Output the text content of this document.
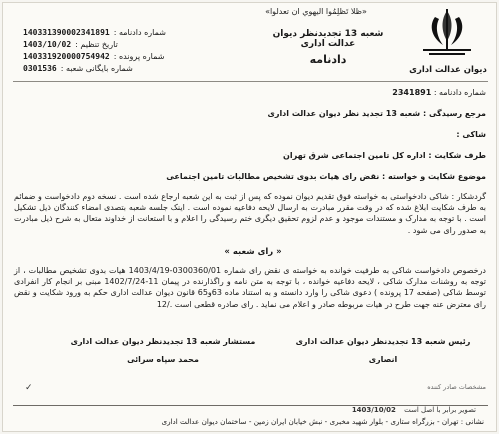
«ظلا تَظلِمُوا اليهوي ان تعدلوا»
شماره دادنامه :
140331390002341891
تاریخ تنظیم :
1403/10/02
شماره پرونده :
140331920000754942
شماره بایگانی شعبه :
0301536
شعبه 13 تجدیدنظر دیوان عدالت اداری
دادنامه
دیوان عدالت اداری
شماره دادنامه : 2341891
مرجع رسیدگی : شعبه 13 تجدید نظر دیوان عدالت اداری
شاکی :
طرف شکایت : اداره کل تامین اجتماعی شرق تهران
موضوع شکایت و خواسته : نقض رای هیات بدوی تشخیص مطالبات تامین اجتماعی
گردشکار : شاکی دادخواستی به خواسته فوق تقدیم دیوان نموده که پس از ثبت به این شعبه ارجاع شده است . نسخه دوم دادخواست و ضمائم به طرف شکایت ابلاغ شده که در وقت مقرر مبادرت به ارسال لایحه دفاعیه نموده است . اینک جلسه شعبه بتصدی امضاء کنندگان ذیل تشکیل است . با توجه به مدارک و مستندات موجود و عدم لزوم تحقیق دیگری ختم رسیدگی را اعلام و با استعانت از خداوند متعال به شرح ذیل مبادرت به صدور رای می شود .
« رای شعبه »
درخصوص دادخواست شاکی به طرفیت خوانده به خواسته ی نقض رای شماره 0300360/01-1403/4/19 هیات بدوی تشخیص مطالبات ، از توجه به روشنات مدارک شاکی ، لایحه دفاعیه خوانده ، با توجه به متن نامه و راگذارنده در پیمان 11-1402/7/24 مبنی بر انجام کار انفرادی توسط شاکی (صفحه 17 پرونده ) دعوی شاکی را وارد دانسته و به استناد ماده 63و65 قانون دیوان عدالت اداری حکم به ورود شکایت و نقض رای معترض عنه جهت طرح در هیات مربوطه صادر و اعلام می نماید . رای صادره قطعی است ./12
رئیس شعبه 13 تجدیدنظر دیوان عدالت اداری
انصاری
مستشار شعبه 13 تجدیدنظر دیوان عدالت اداری
محمد سپاه سرائی
مشخصات صادر کننده
✓
تصویر برابر با اصل است 1403/10/02
نشانی : تهران - بزرگراه ستاری - بلوار شهید مخبری - نبش خیابان ایران زمین - ساختمان دیوان عدالت اداری
